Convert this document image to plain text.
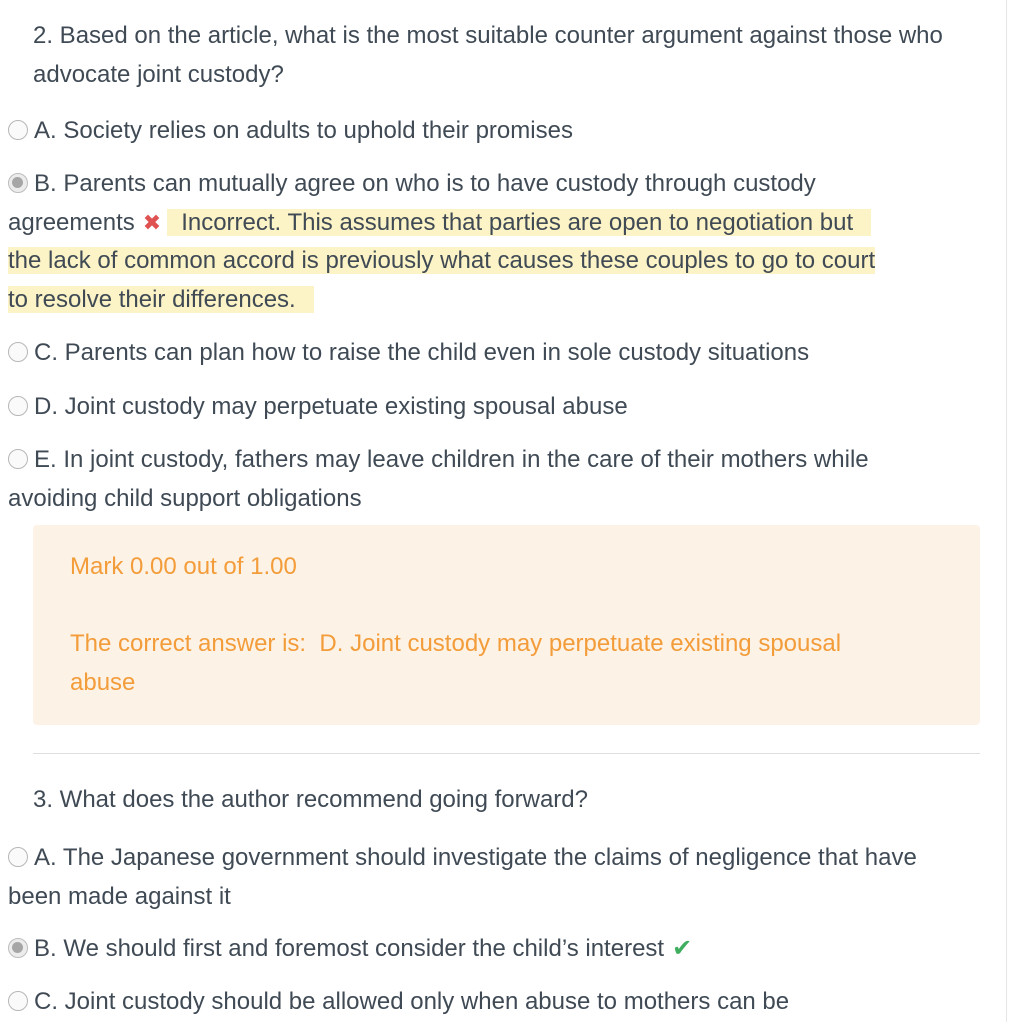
2. Based on the article, what is the most suitable counter argument against those who advocate joint custody?

A. Society relies on adults to uphold their promises
B. Parents can mutually agree on who is to have custody through custody
agreements ✖ Incorrect. This assumes that parties are open to negotiation but
the lack of common accord is previously what causes these couples to go to court
to resolve their differences.
C. Parents can plan how to raise the child even in sole custody situations
D. Joint custody may perpetuate existing spousal abuse
E. In joint custody, fathers may leave children in the care of their mothers while avoiding child support obligations
Mark 0.00 out of 1.00
The correct answer is: D. Joint custody may perpetuate existing spousal
abuse

3. What does the author recommend going forward?

A. The Japanese government should investigate the claims of negligence that have been made against it
B. We should first and foremost consider the child’s interest ✔
C. Joint custody should be allowed only when abuse to mothers can be
